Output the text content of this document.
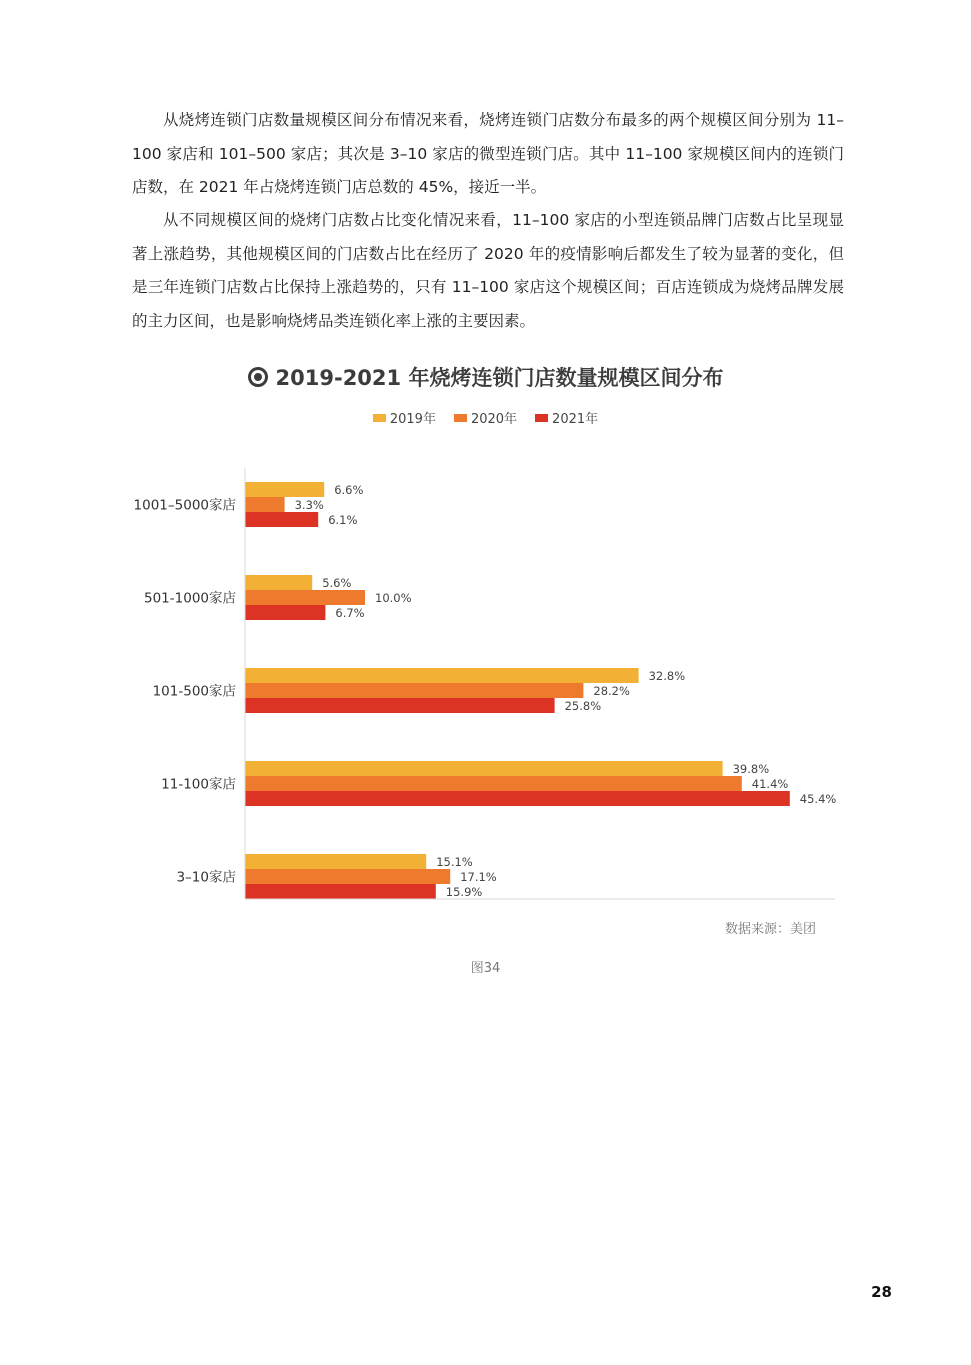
从烧烤连锁门店数量规模区间分布情况来看，烧烤连锁门店数分布最多的两个规模区间分别为 11–100 家店和 101–500 家店；其次是 3–10 家店的微型连锁门店。其中 11–100 家规模区间内的连锁门店数，在 2021 年占烧烤连锁门店总数的 45%，接近一半。

从不同规模区间的烧烤门店数占比变化情况来看，11–100 家店的小型连锁品牌门店数占比呈现显著上涨趋势，其他规模区间的门店数占比在经历了 2020 年的疫情影响后都发生了较为显著的变化，但是三年连锁门店数占比保持上涨趋势的，只有 11–100 家店这个规模区间；百店连锁成为烧烤品牌发展的主力区间，也是影响烧烤品类连锁化率上涨的主要因素。

2019-2021 年烧烤连锁门店数量规模区间分布
2019年	2020年	2021年
1001–5000家店
6.6%
3.3%
6.1%
501-1000家店
5.6%
10.0%
6.7%
101-500家店
32.8%
28.2%
25.8%
11-100家店
39.8%
41.4%
45.4%
3–10家店
15.1%
17.1%
15.9%
数据来源：美团
图34
28
